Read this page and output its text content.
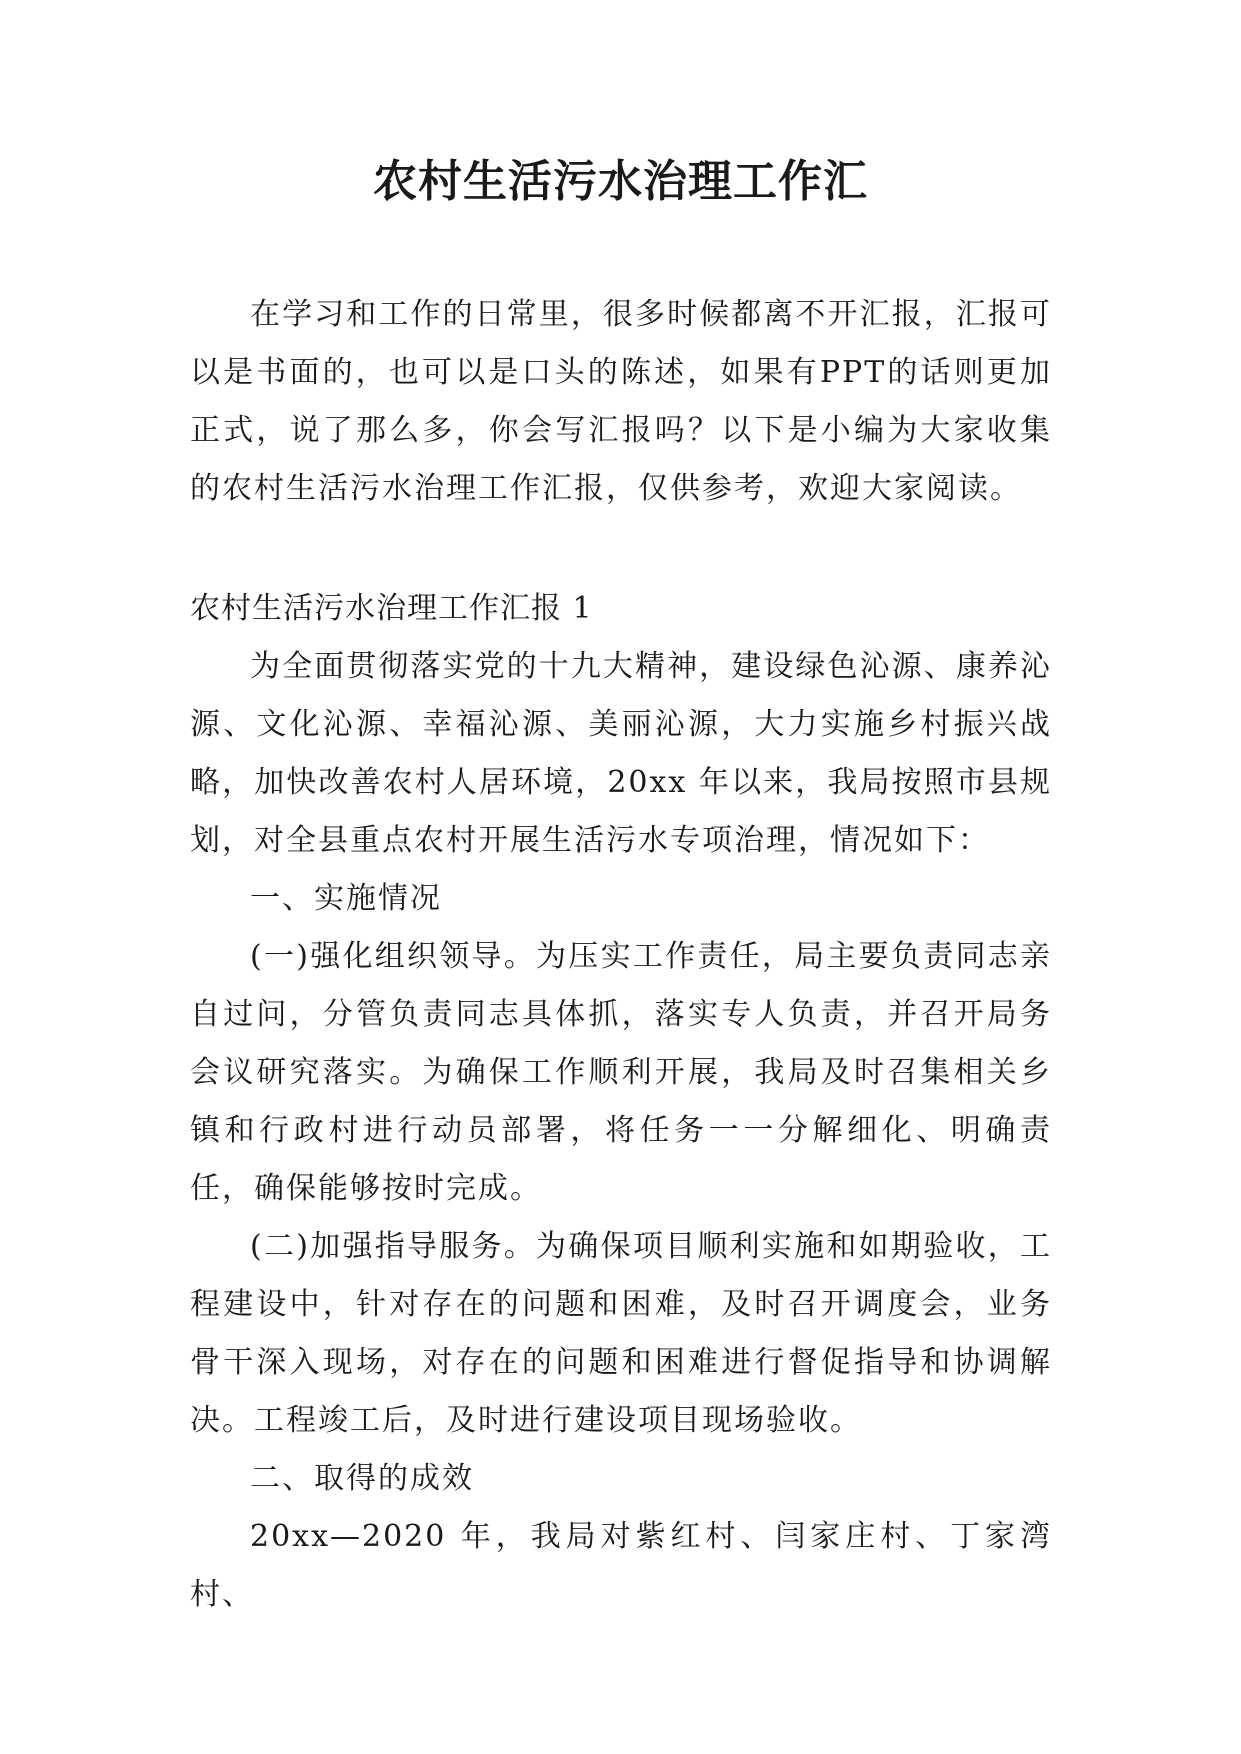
农村生活污水治理工作汇
在学习和工作的日常里，很多时候都离不开汇报，汇报可以是书面的，也可以是口头的陈述，如果有PPT的话则更加正式，说了那么多，你会写汇报吗？以下是小编为大家收集的农村生活污水治理工作汇报，仅供参考，欢迎大家阅读。

农村生活污水治理工作汇报 1

为全面贯彻落实党的十九大精神，建设绿色沁源、康养沁源、文化沁源、幸福沁源、美丽沁源，大力实施乡村振兴战略，加快改善农村人居环境，20xx 年以来，我局按照市县规划，对全县重点农村开展生活污水专项治理，情况如下：

一、实施情况

(一)强化组织领导。为压实工作责任，局主要负责同志亲自过问，分管负责同志具体抓，落实专人负责，并召开局务会议研究落实。为确保工作顺利开展，我局及时召集相关乡镇和行政村进行动员部署，将任务一一分解细化、明确责任，确保能够按时完成。

(二)加强指导服务。为确保项目顺利实施和如期验收，工程建设中，针对存在的问题和困难，及时召开调度会，业务骨干深入现场，对存在的问题和困难进行督促指导和协调解决。工程竣工后，及时进行建设项目现场验收。

二、取得的成效

20xx—2020 年，我局对紫红村、闫家庄村、丁家湾村、
